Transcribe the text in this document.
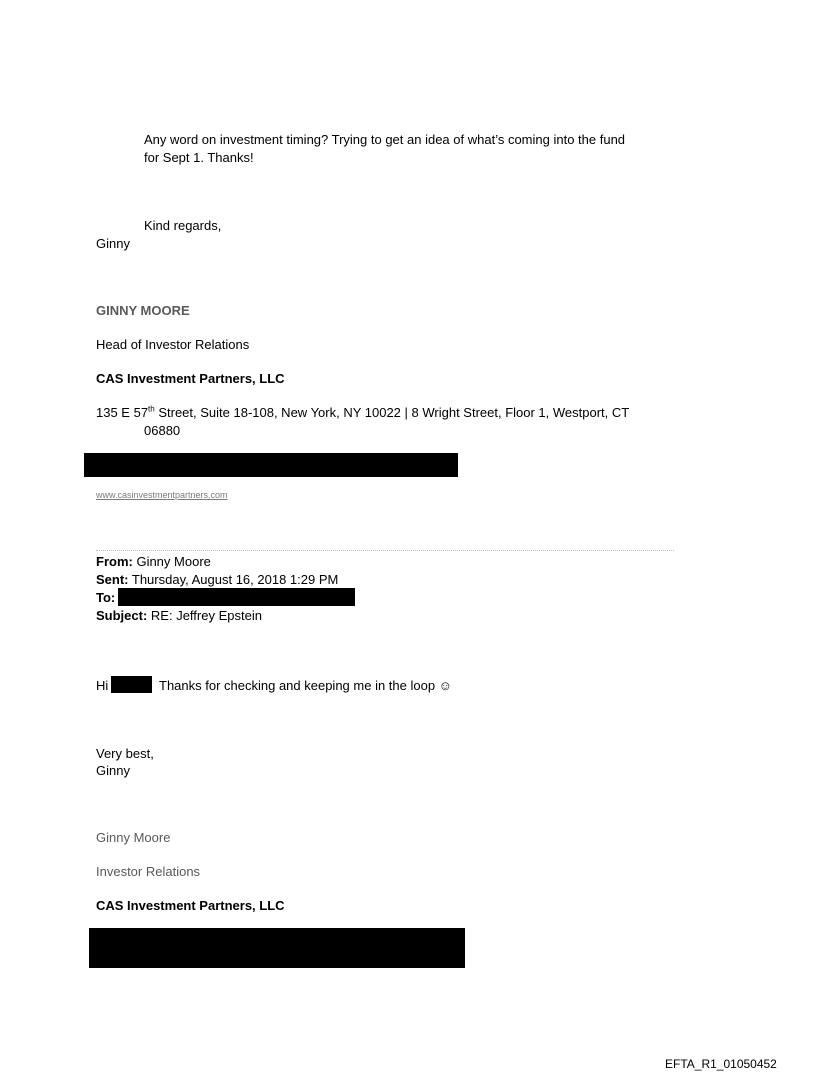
Any word on investment timing? Trying to get an idea of what’s coming into the fund
for Sept 1. Thanks!
Kind regards,
Ginny
GINNY MOORE
Head of Investor Relations
CAS Investment Partners, LLC
135 E 57th Street, Suite 18-108, New York, NY 10022 | 8 Wright Street, Floor 1, Westport, CT
06880
www.casinvestmentpartners.com
From: Ginny Moore
Sent: Thursday, August 16, 2018 1:29 PM
To:
Subject: RE: Jeffrey Epstein
Hi	Thanks for checking and keeping me in the loop ☺
Very best,
Ginny
Ginny Moore
Investor Relations
CAS Investment Partners, LLC
EFTA_R1_01050452
